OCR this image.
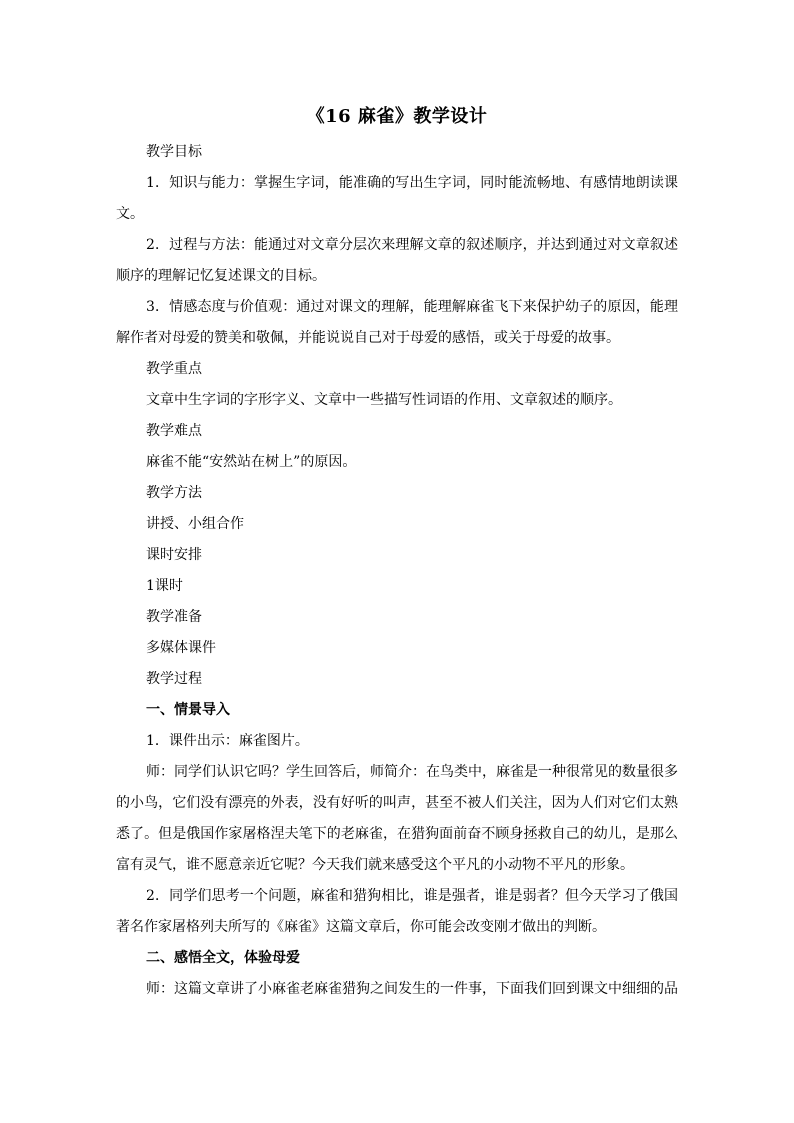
《16 麻雀》教学设计
教学目标
1．知识与能力：掌握生字词，能准确的写出生字词，同时能流畅地、有感情地朗读课文。
2．过程与方法：能通过对文章分层次来理解文章的叙述顺序，并达到通过对文章叙述顺序的理解记忆复述课文的目标。
3．情感态度与价值观：通过对课文的理解，能理解麻雀飞下来保护幼子的原因，能理解作者对母爱的赞美和敬佩，并能说说自己对于母爱的感悟，或关于母爱的故事。
教学重点
文章中生字词的字形字义、文章中一些描写性词语的作用、文章叙述的顺序。
教学难点
麻雀不能“安然站在树上”的原因。
教学方法
讲授、小组合作
课时安排
1课时
教学准备
多媒体课件
教学过程
一、情景导入
1．课件出示：麻雀图片。
师：同学们认识它吗？学生回答后，师简介：在鸟类中，麻雀是一种很常见的数量很多的小鸟，它们没有漂亮的外表，没有好听的叫声，甚至不被人们关注，因为人们对它们太熟悉了。但是俄国作家屠格涅夫笔下的老麻雀，在猎狗面前奋不顾身拯救自己的幼儿，是那么富有灵气，谁不愿意亲近它呢？今天我们就来感受这个平凡的小动物不平凡的形象。
2．同学们思考一个问题，麻雀和猎狗相比，谁是强者，谁是弱者？但今天学习了俄国著名作家屠格列夫所写的《麻雀》这篇文章后，你可能会改变刚才做出的判断。
二、感悟全文，体验母爱
师：这篇文章讲了小麻雀老麻雀猎狗之间发生的一件事，下面我们回到课文中细细的品
